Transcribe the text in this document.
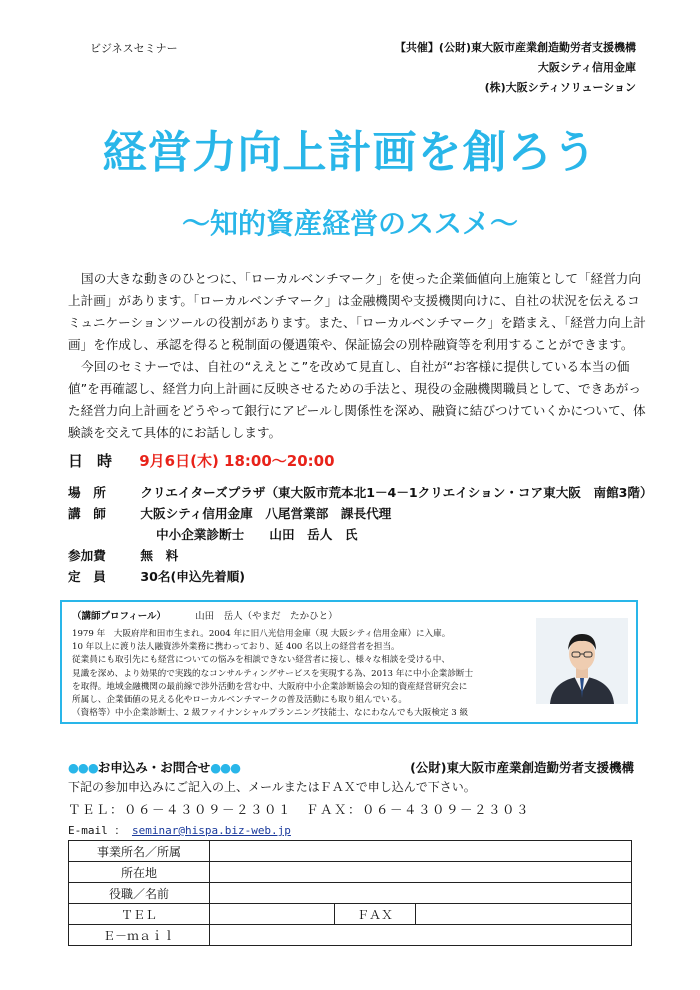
ビジネスセミナー	【共催】(公財)東大阪市産業創造勤労者支援機構
大阪シティ信用金庫
(株)大阪シティソリューション
経営力向上計画を創ろう
～知的資産経営のススメ～

国の大きな動きのひとつに、「ローカルベンチマーク」を使った企業価値向上施策として「経営力向上計画」があります。「ローカルベンチマーク」は金融機関や支援機関向けに、自社の状況を伝えるコミュニケーションツールの役割があります。また、「ローカルベンチマーク」を踏まえ、「経営力向上計画」を作成し、承認を得ると税制面の優遇策や、保証協会の別枠融資等を利用することができます。

今回のセミナーでは、自社の“ええとこ”を改めて見直し、自社が“お客様に提供している本当の価値”を再確認し、経営力向上計画に反映させるための手法と、現役の金融機関職員として、できあがった経営力向上計画をどうやって銀行にアピールし関係性を深め、融資に結びつけていくかについて、体験談を交えて具体的にお話しします。

日時 9月6日(木) 18:00～20:00
場　所	クリエイターズプラザ（東大阪市荒本北1－4－1クリエイション・コア東大阪　南館3階）
講　師	大阪シティ信用金庫　八尾営業部　課長代理
中小企業診断士　　山田　岳人　氏
参加費	無　料
定　員	30名(申込先着順)
（講師プロフィール）	山田　岳人（やまだ　たかひと）
1979 年　大阪府岸和田市生まれ。2004 年に旧八光信用金庫（現 大阪シティ信用金庫）に入庫。
10 年以上に渡り法人融資渉外業務に携わっており、延 400 名以上の経営者を担当。
従業員にも取引先にも経営についての悩みを相談できない経営者に接し、様々な相談を受ける中、
見識を深め、より効果的で実践的なコンサルティングサービスを実現する為、2013 年に中小企業診断士
を取得。地域金融機関の最前線で渉外活動を営む中、大阪府中小企業診断協会の知的資産経営研究会に
所属し、企業価値の見える化やローカルベンチマークの普及活動にも取り組んでいる。
（資格等）中小企業診断士、2 級ファイナンシャルプランニング技能士、なにわなんでも大阪検定 3 級
●●●お申込み・お問合せ●●●	(公財)東大阪市産業創造勤労者支援機構
下記の参加申込みにご記入の上、メールまたはＦＡＸで申し込んで下さい。
ＴＥＬ：０６－４３０９－２３０１　ＦＡＸ：０６－４３０９－２３０３
E-mail ： seminar@hispa.biz-web.jp
事業所名／所属			
所在地			
役職／名前			
ＴＥＬ		ＦＡＸ	
Ｅ－ｍａｉｌ			
